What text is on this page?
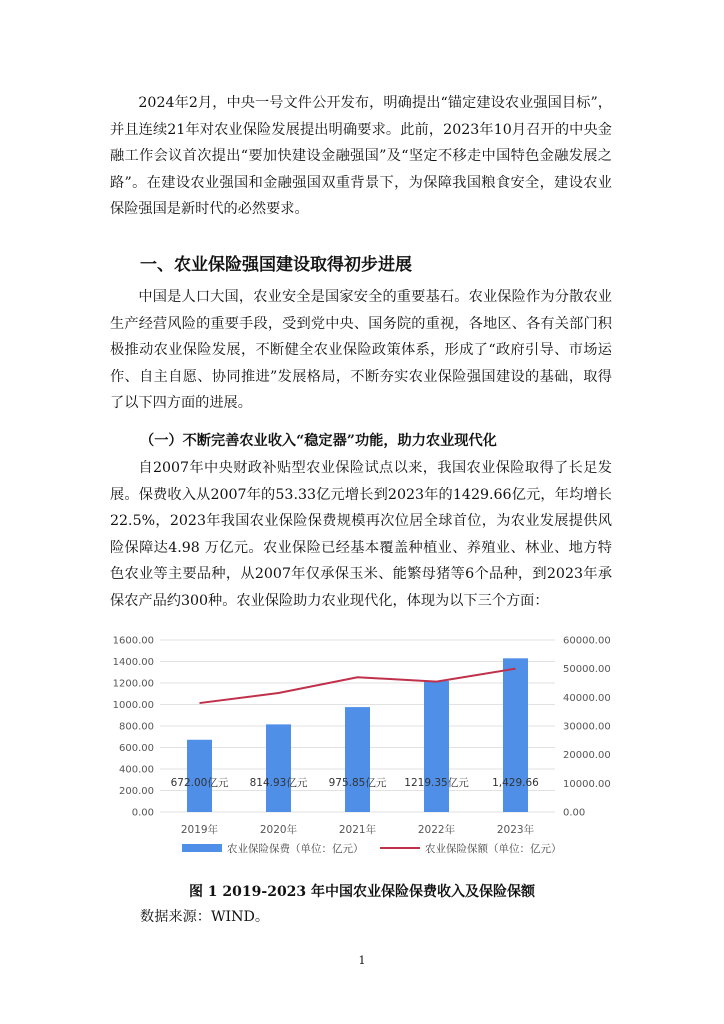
2024年2月，中央一号文件公开发布，明确提出“锚定建设农业强国目标”，并且连续21年对农业保险发展提出明确要求。此前，2023年10月召开的中央金融工作会议首次提出“要加快建设金融强国”及“坚定不移走中国特色金融发展之路”。在建设农业强国和金融强国双重背景下，为保障我国粮食安全，建设农业保险强国是新时代的必然要求。

一、农业保险强国建设取得初步进展

中国是人口大国，农业安全是国家安全的重要基石。农业保险作为分散农业生产经营风险的重要手段，受到党中央、国务院的重视，各地区、各有关部门积极推动农业保险发展，不断健全农业保险政策体系，形成了“政府引导、市场运作、自主自愿、协同推进”发展格局，不断夯实农业保险强国建设的基础，取得了以下四方面的进展。

（一）不断完善农业收入“稳定器”功能，助力农业现代化

自2007年中央财政补贴型农业保险试点以来，我国农业保险取得了长足发展。保费收入从2007年的53.33亿元增长到2023年的1429.66亿元，年均增长22.5%，2023年我国农业保险保费规模再次位居全球首位，为农业发展提供风险保障达4.98 万亿元。农业保险已经基本覆盖种植业、养殖业、林业、地方特色农业等主要品种，从2007年仅承保玉米、能繁母猪等6个品种，到2023年承保农产品约300种。农业保险助力农业现代化，体现为以下三个方面：

0.00
200.00
400.00
600.00
800.00
1000.00
1200.00
1400.00
1600.00
0.00
10000.00
20000.00
30000.00
40000.00
50000.00
60000.00
672.00亿元
2019年
814.93亿元
2020年
975.85亿元
2021年
1219.35亿元
2022年
1,429.66
2023年
农业保险保费（单位：亿元）	农业保险保额（单位：亿元）

图 1 2019-2023 年中国农业保险保费收入及保险保额

数据来源：WIND。

1
